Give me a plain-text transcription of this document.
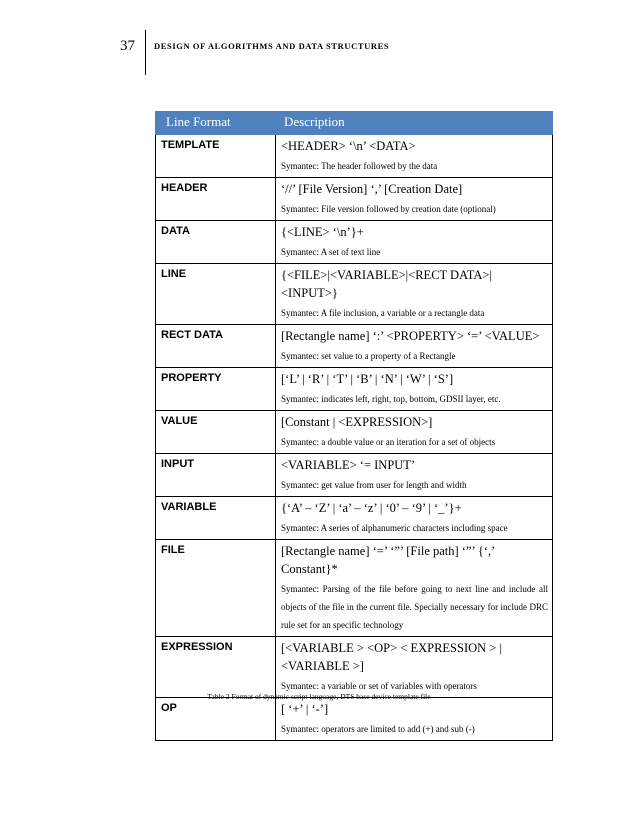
37 DESIGN OF ALGORITHMS AND DATA STRUCTURES
Line Format	Description
TEMPLATE	<HEADER> ‘\n’ <DATA>
Symantec: The header followed by the data

HEADER	‘//’ [File Version] ‘,’ [Creation Date]
Symantec: File version followed by creation date (optional)

DATA	{<LINE> ‘\n’}+
Symantec: A set of text line

LINE	{<FILE>|<VARIABLE>|<RECT DATA>|<INPUT>}
Symantec: A file inclusion, a variable or a rectangle data

RECT DATA	[Rectangle name] ‘:’ <PROPERTY> ‘=’ <VALUE>
Symantec: set value to a property of a Rectangle

PROPERTY	[‘L’ | ‘R’ | ‘T’ | ‘B’ | ‘N’ | ‘W’ | ‘S’]
Symantec: indicates left, right, top, bottom, GDSII layer, etc.

VALUE	[Constant | <EXPRESSION>]
Symantec: a double value or an iteration for a set of objects

INPUT	<VARIABLE> ‘= INPUT’
Symantec: get value from user for length and width

VARIABLE	{‘A’ – ‘Z’ | ‘a’ – ‘z’ | ‘0’ – ‘9’ | ‘_’}+
Symantec: A series of alphanumeric characters including space

FILE	[Rectangle name] ‘=’ ‘”’ [File path] ‘”’ {‘,’ Constant}*
Symantec: Parsing of the file before going to next line and include all objects of the file in the current file. Specially necessary for include DRC rule set for an specific technology

EXPRESSION	[<VARIABLE > <OP> < EXPRESSION > | <VARIABLE >]
Symantec: a variable or set of variables with operators

OP	[ ‘+’ | ‘-’]
Symantec: operators are limited to add (+) and sub (-)
Table 2 Format of dynamic script language, DTS base device template file
